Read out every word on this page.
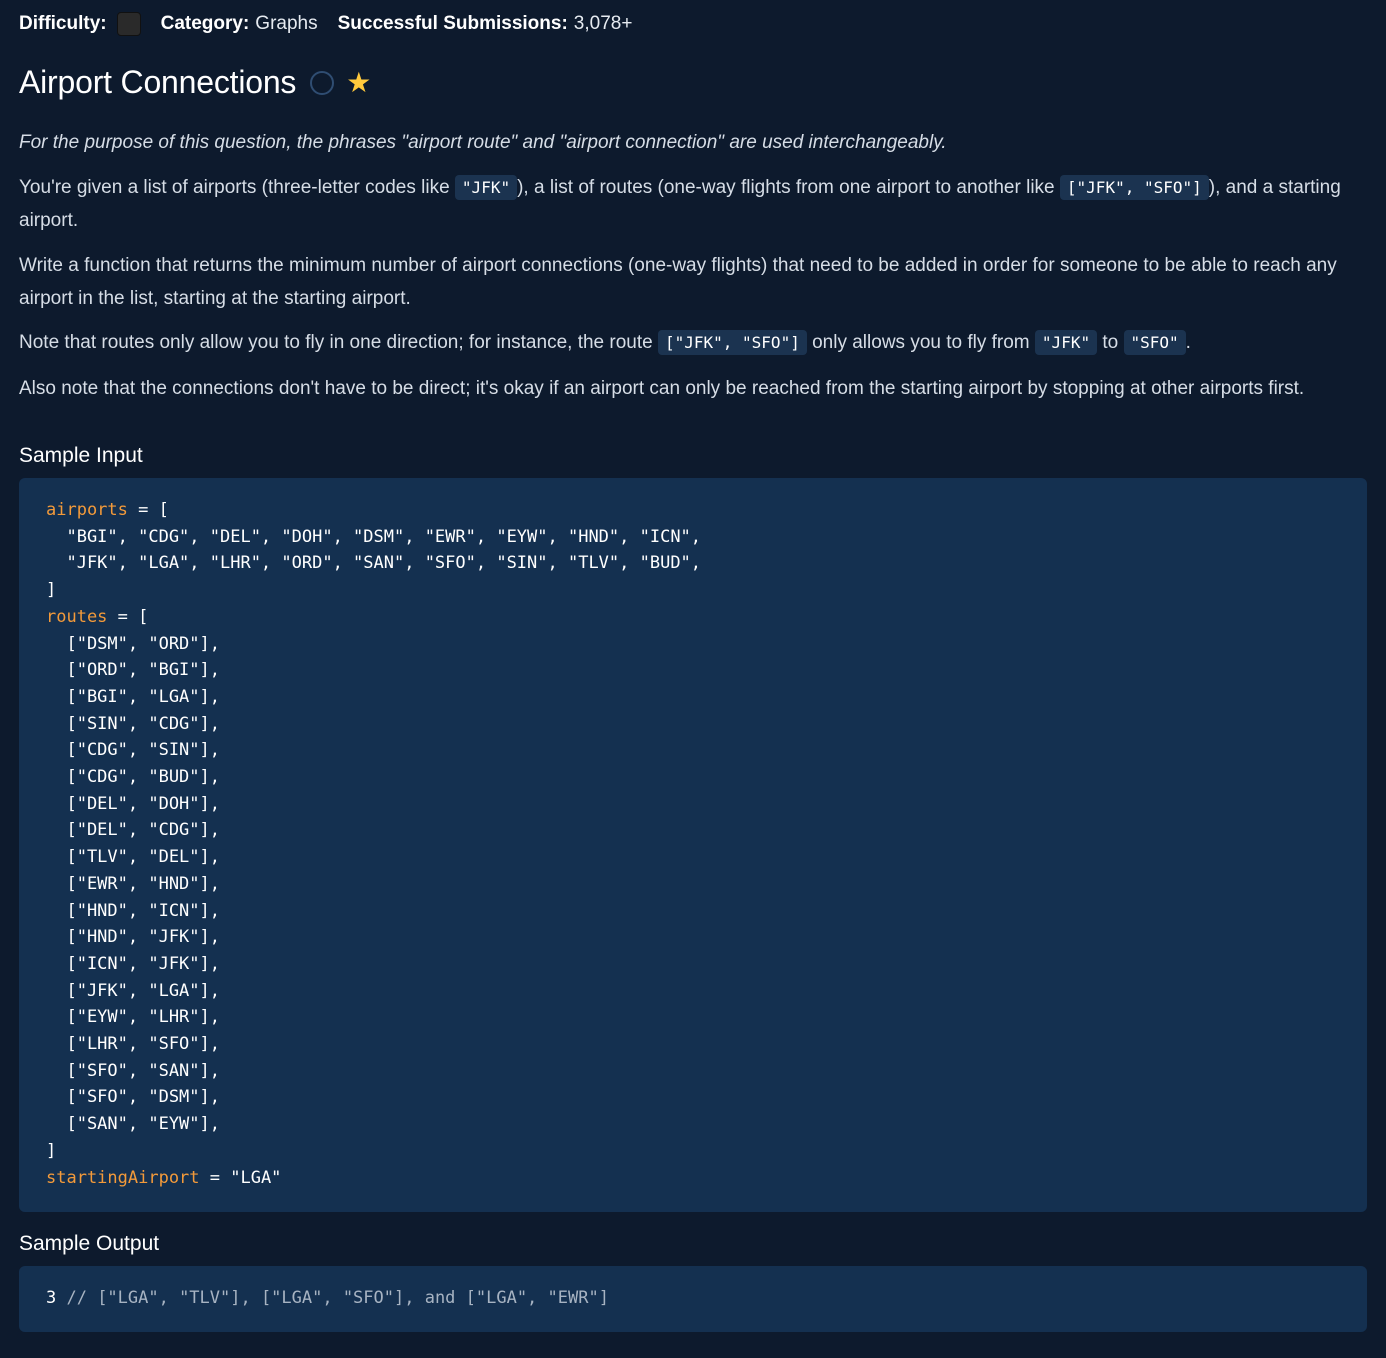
Difficulty:	Category: Graphs Successful Submissions: 3,078+
Airport Connections ★

For the purpose of this question, the phrases "airport route" and "airport connection" are used interchangeably.

You're given a list of airports (three-letter codes like "JFK" ), a list of routes (one-way flights from one airport to another like ["JFK", "SFO"] ), and a starting airport.

Write a function that returns the minimum number of airport connections (one-way flights) that need to be added in order for someone to be able to reach any airport in the list, starting at the starting airport.

Note that routes only allow you to fly in one direction; for instance, the route ["JFK", "SFO"] only allows you to fly from "JFK" to "SFO" .

Also note that the connections don't have to be direct; it's okay if an airport can only be reached from the starting airport by stopping at other airports first.

Sample Input
airports = [
"BGI", "CDG", "DEL", "DOH", "DSM", "EWR", "EYW", "HND", "ICN",
"JFK", "LGA", "LHR", "ORD", "SAN", "SFO", "SIN", "TLV", "BUD",
]
routes = [
["DSM", "ORD"],
["ORD", "BGI"],
["BGI", "LGA"],
["SIN", "CDG"],
["CDG", "SIN"],
["CDG", "BUD"],
["DEL", "DOH"],
["DEL", "CDG"],
["TLV", "DEL"],
["EWR", "HND"],
["HND", "ICN"],
["HND", "JFK"],
["ICN", "JFK"],
["JFK", "LGA"],
["EYW", "LHR"],
["LHR", "SFO"],
["SFO", "SAN"],
["SFO", "DSM"],
["SAN", "EYW"],
]
startingAirport = "LGA"
Sample Output
3 // ["LGA", "TLV"], ["LGA", "SFO"], and ["LGA", "EWR"]
